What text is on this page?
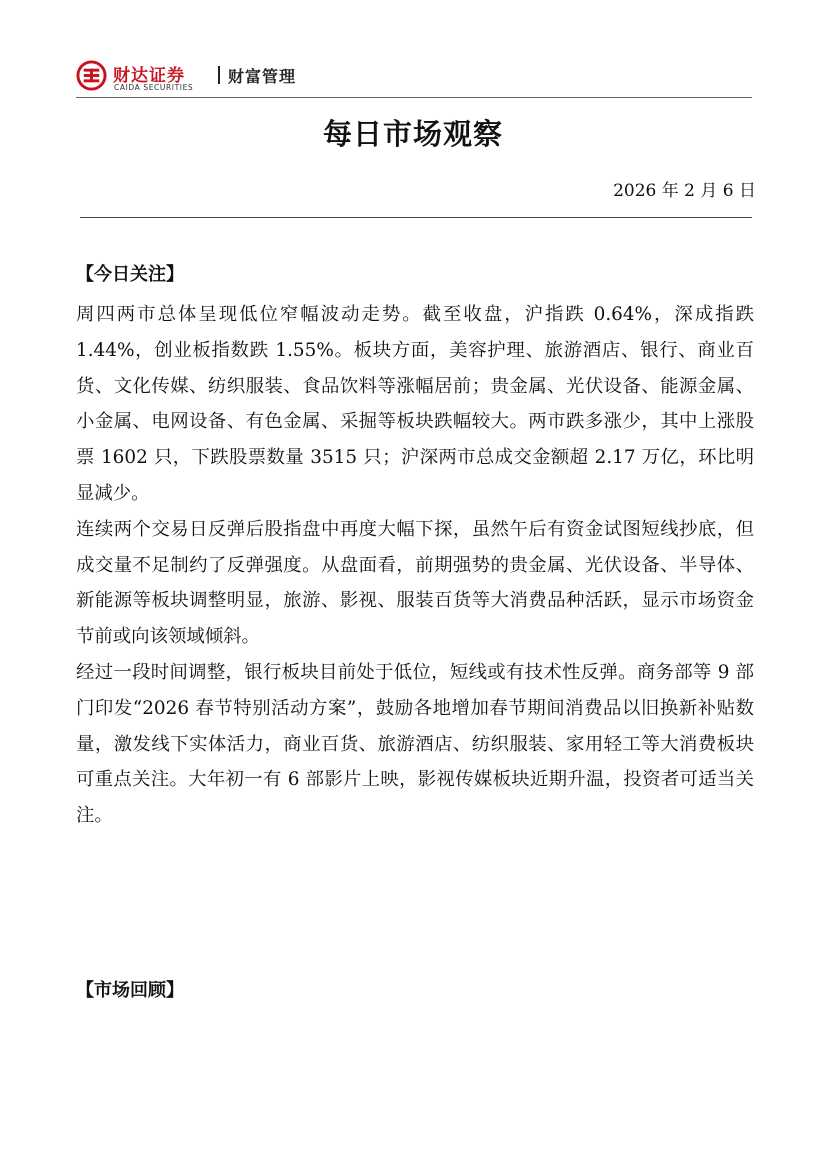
财达证券
CAIDA SECURITIES
财富管理
每日市场观察
2026 年 2 月 6 日
【今日关注】

周四两市总体呈现低位窄幅波动走势。截至收盘，沪指跌 0.64%，深成指跌 1.44%，创业板指数跌 1.55%。板块方面，美容护理、旅游酒店、银行、商业百货、文化传媒、纺织服装、食品饮料等涨幅居前；贵金属、光伏设备、能源金属、小金属、电网设备、有色金属、采掘等板块跌幅较大。两市跌多涨少，其中上涨股票 1602 只，下跌股票数量 3515 只；沪深两市总成交金额超 2.17 万亿，环比明显减少。

连续两个交易日反弹后股指盘中再度大幅下探，虽然午后有资金试图短线抄底，但成交量不足制约了反弹强度。从盘面看，前期强势的贵金属、光伏设备、半导体、新能源等板块调整明显，旅游、影视、服装百货等大消费品种活跃，显示市场资金节前或向该领域倾斜。

经过一段时间调整，银行板块目前处于低位，短线或有技术性反弹。商务部等 9 部门印发“2026 春节特别活动方案”，鼓励各地增加春节期间消费品以旧换新补贴数量，激发线下实体活力，商业百货、旅游酒店、纺织服装、家用轻工等大消费板块可重点关注。大年初一有 6 部影片上映，影视传媒板块近期升温，投资者可适当关注。

【市场回顾】
